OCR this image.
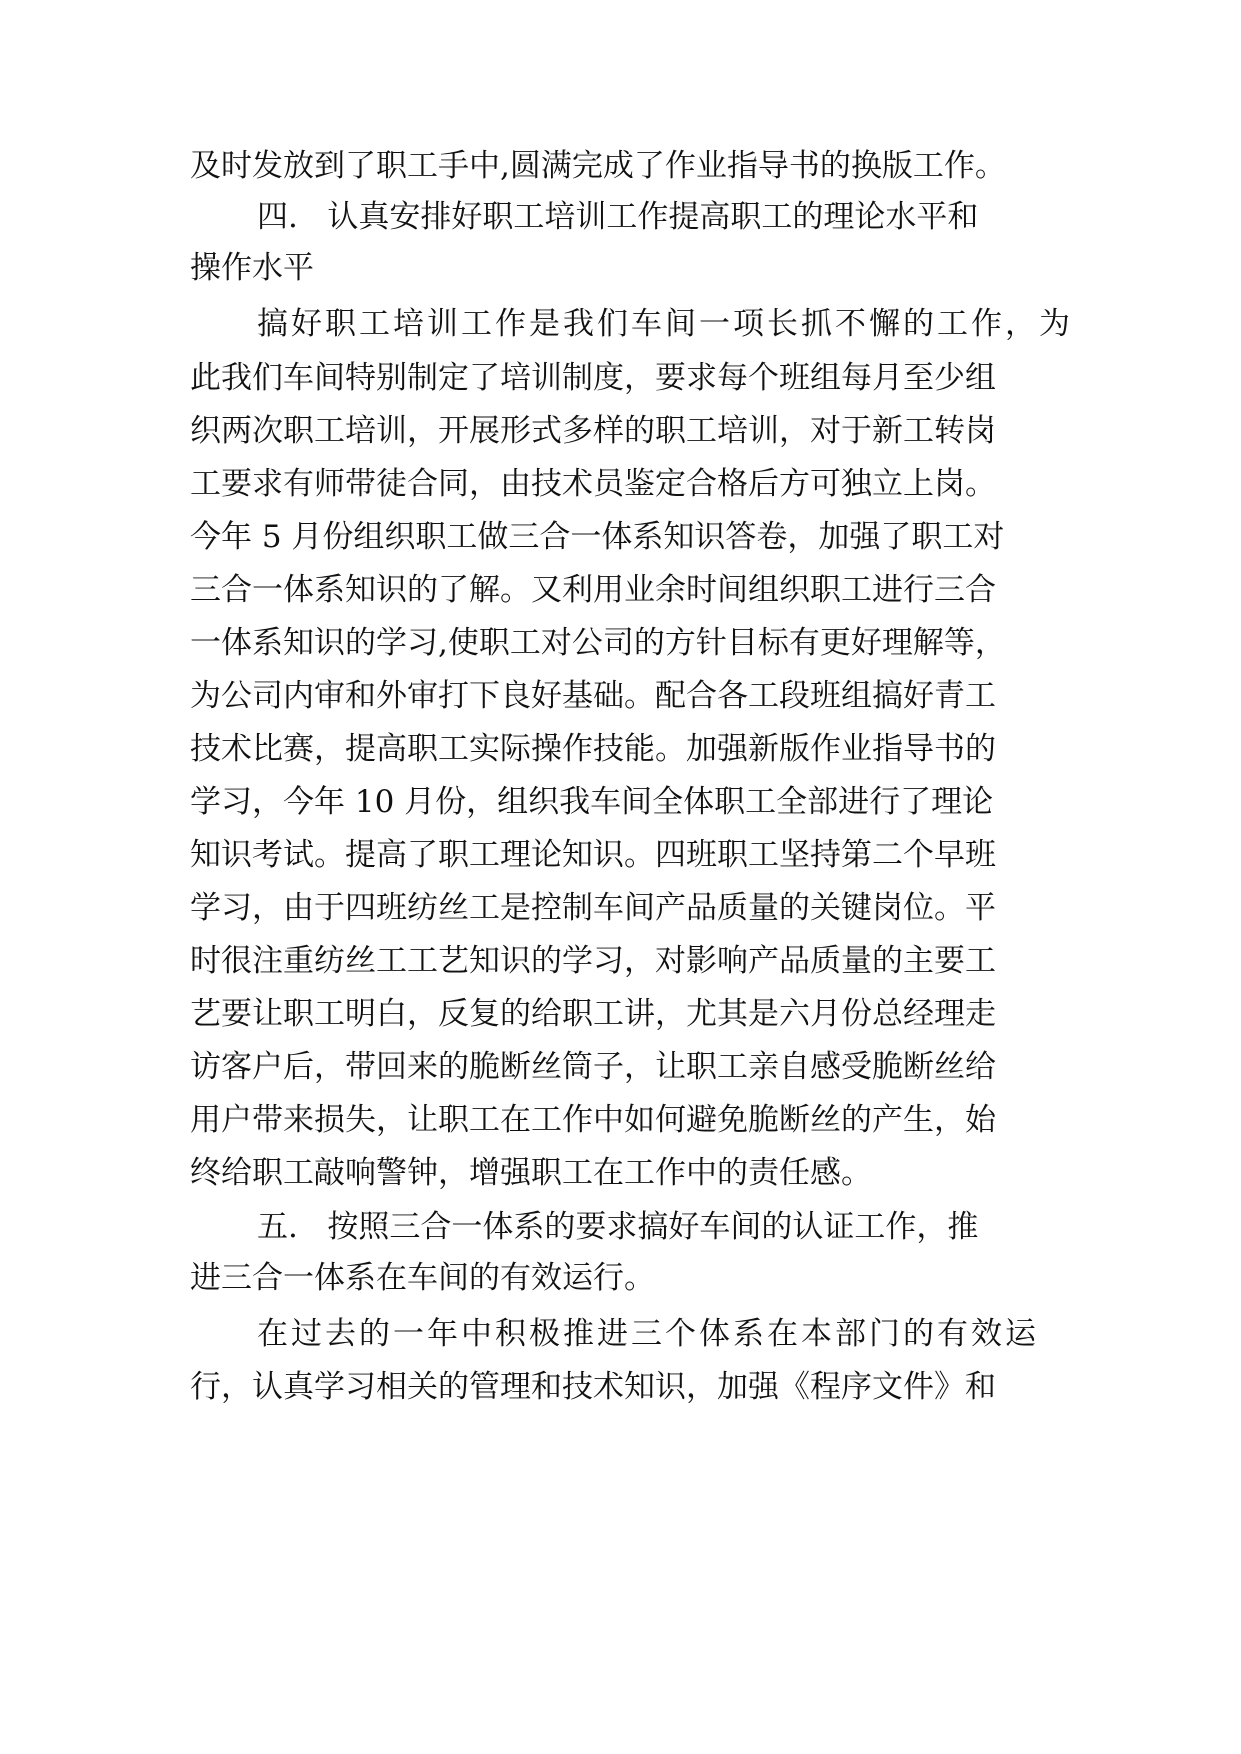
及时发放到了职工手中,圆满完成了作业指导书的换版工作。
四.   认真安排好职工培训工作提高职工的理论水平和
操作水平
搞好职工培训工作是我们车间一项长抓不懈的工作，为
此我们车间特别制定了培训制度，要求每个班组每月至少组
织两次职工培训，开展形式多样的职工培训，对于新工转岗
工要求有师带徒合同，由技术员鉴定合格后方可独立上岗。
今年 5 月份组织职工做三合一体系知识答卷，加强了职工对
三合一体系知识的了解。又利用业余时间组织职工进行三合
一体系知识的学习,使职工对公司的方针目标有更好理解等，
为公司内审和外审打下良好基础。配合各工段班组搞好青工
技术比赛，提高职工实际操作技能。加强新版作业指导书的
学习，今年 10 月份，组织我车间全体职工全部进行了理论
知识考试。提高了职工理论知识。四班职工坚持第二个早班
学习，由于四班纺丝工是控制车间产品质量的关键岗位。平
时很注重纺丝工工艺知识的学习，对影响产品质量的主要工
艺要让职工明白，反复的给职工讲，尤其是六月份总经理走
访客户后，带回来的脆断丝筒子，让职工亲自感受脆断丝给
用户带来损失，让职工在工作中如何避免脆断丝的产生，始
终给职工敲响警钟，增强职工在工作中的责任感。
五.   按照三合一体系的要求搞好车间的认证工作，推
进三合一体系在车间的有效运行。
在过去的一年中积极推进三个体系在本部门的有效运
行，认真学习相关的管理和技术知识，加强《程序文件》和
